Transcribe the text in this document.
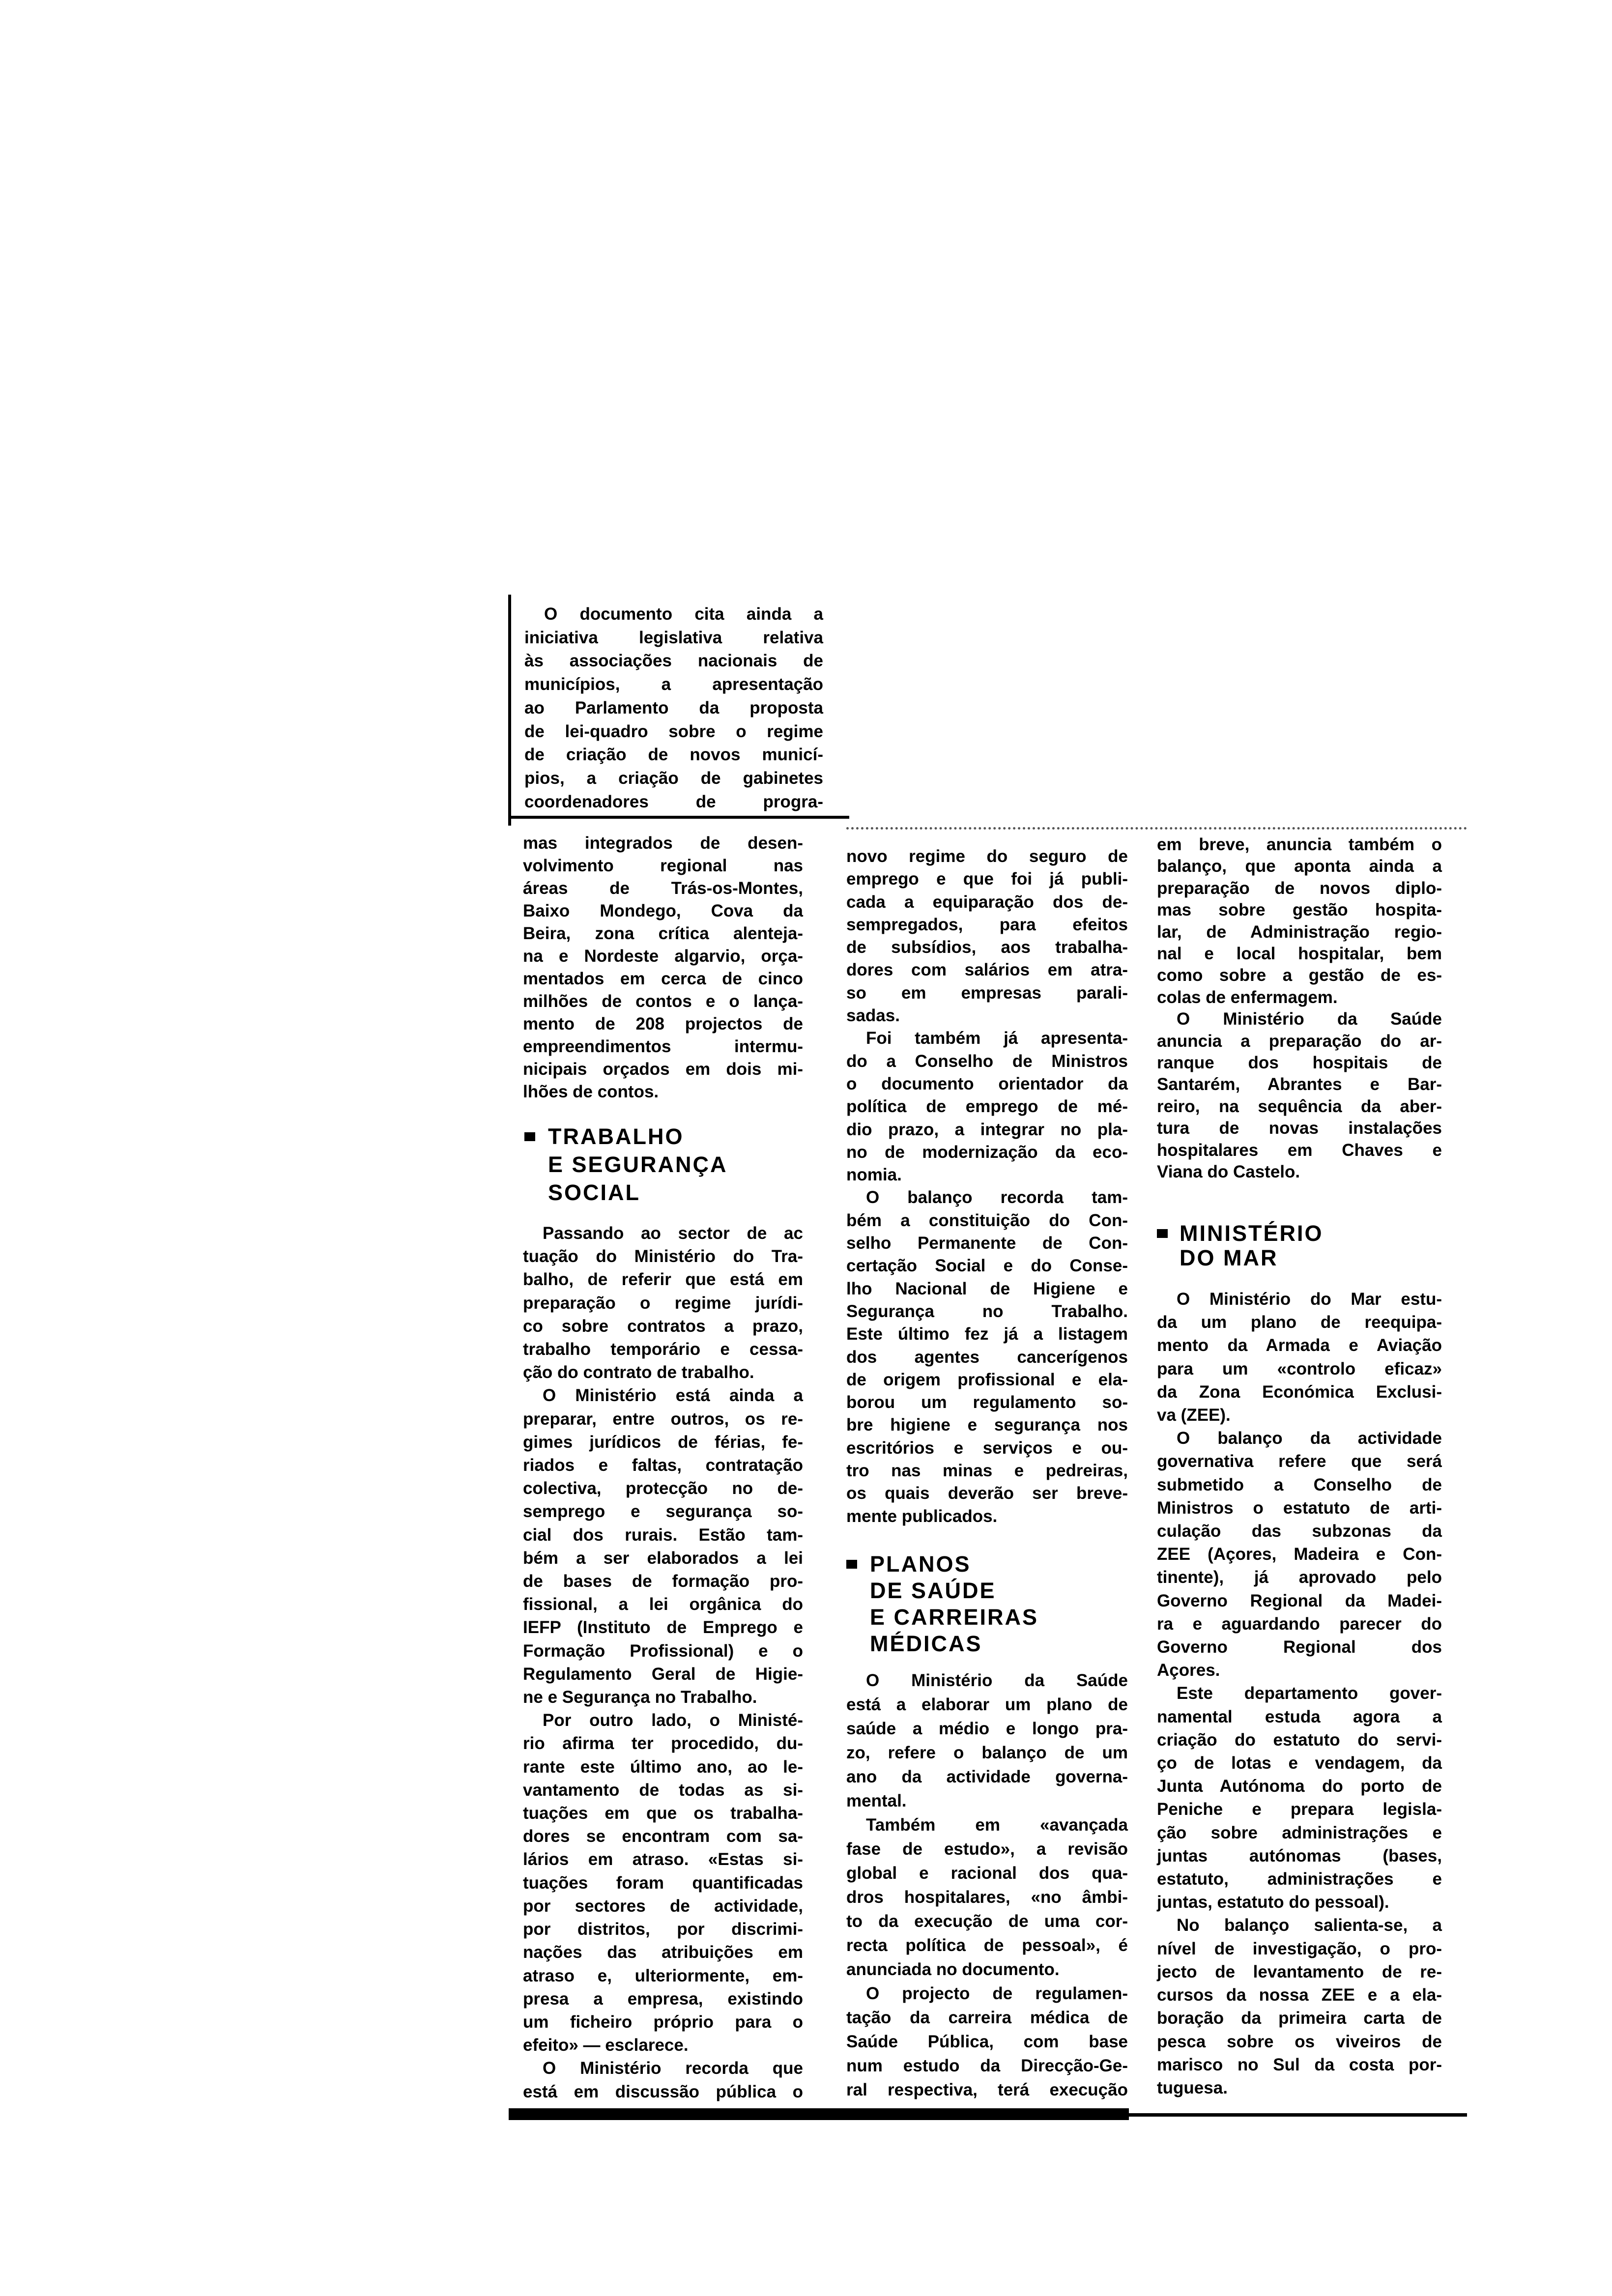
O documento cita ainda a
iniciativa legislativa relativa
às associações nacionais de
municípios, a apresentação
ao Parlamento da proposta
de lei-quadro sobre o regime
de criação de novos municí-
pios, a criação de gabinetes
coordenadores de progra-
mas integrados de desen-
volvimento regional nas
áreas de Trás-os-Montes,
Baixo Mondego, Cova da
Beira, zona crítica alenteja-
na e Nordeste algarvio, orça-
mentados em cerca de cinco
milhões de contos e o lança-
mento de 208 projectos de
empreendimentos intermu-
nicipais orçados em dois mi-
lhões de contos.
TRABALHO
E SEGURANÇA
SOCIAL
Passando ao sector de ac
tuação do Ministério do Tra-
balho, de referir que está em
preparação o regime jurídi-
co sobre contratos a prazo,
trabalho temporário e cessa-
ção do contrato de trabalho.
O Ministério está ainda a
preparar, entre outros, os re-
gimes jurídicos de férias, fe-
riados e faltas, contratação
colectiva, protecção no de-
semprego e segurança so-
cial dos rurais. Estão tam-
bém a ser elaborados a lei
de bases de formação pro-
fissional, a lei orgânica do
IEFP (Instituto de Emprego e
Formação Profissional) e o
Regulamento Geral de Higie-
ne e Segurança no Trabalho.
Por outro lado, o Ministé-
rio afirma ter procedido, du-
rante este último ano, ao le-
vantamento de todas as si-
tuações em que os trabalha-
dores se encontram com sa-
lários em atraso. «Estas si-
tuações foram quantificadas
por sectores de actividade,
por distritos, por discrimi-
nações das atribuições em
atraso e, ulteriormente, em-
presa a empresa, existindo
um ficheiro próprio para o
efeito» — esclarece.
O Ministério recorda que
está em discussão pública o
novo regime do seguro de
emprego e que foi já publi-
cada a equiparação dos de-
sempregados, para efeitos
de subsídios, aos trabalha-
dores com salários em atra-
so em empresas parali-
sadas.
Foi também já apresenta-
do a Conselho de Ministros
o documento orientador da
política de emprego de mé-
dio prazo, a integrar no pla-
no de modernização da eco-
nomia.
O balanço recorda tam-
bém a constituição do Con-
selho Permanente de Con-
certação Social e do Conse-
lho Nacional de Higiene e
Segurança no Trabalho.
Este último fez já a listagem
dos agentes cancerígenos
de origem profissional e ela-
borou um regulamento so-
bre higiene e segurança nos
escritórios e serviços e ou-
tro nas minas e pedreiras,
os quais deverão ser breve-
mente publicados.
PLANOS
DE SAÚDE
E CARREIRAS
MÉDICAS
O Ministério da Saúde
está a elaborar um plano de
saúde a médio e longo pra-
zo, refere o balanço de um
ano da actividade governa-
mental.
Também em «avançada
fase de estudo», a revisão
global e racional dos qua-
dros hospitalares, «no âmbi-
to da execução de uma cor-
recta política de pessoal», é
anunciada no documento.
O projecto de regulamen-
tação da carreira médica de
Saúde Pública, com base
num estudo da Direcção-Ge-
ral respectiva, terá execução
em breve, anuncia também o
balanço, que aponta ainda a
preparação de novos diplo-
mas sobre gestão hospita-
lar, de Administração regio-
nal e local hospitalar, bem
como sobre a gestão de es-
colas de enfermagem.
O Ministério da Saúde
anuncia a preparação do ar-
ranque dos hospitais de
Santarém, Abrantes e Bar-
reiro, na sequência da aber-
tura de novas instalações
hospitalares em Chaves e
Viana do Castelo.
MINISTÉRIO
DO MAR
O Ministério do Mar estu-
da um plano de reequipa-
mento da Armada e Aviação
para um «controlo eficaz»
da Zona Económica Exclusi-
va (ZEE).
O balanço da actividade
governativa refere que será
submetido a Conselho de
Ministros o estatuto de arti-
culação das subzonas da
ZEE (Açores, Madeira e Con-
tinente), já aprovado pelo
Governo Regional da Madei-
ra e aguardando parecer do
Governo Regional dos
Açores.
Este departamento gover-
namental estuda agora a
criação do estatuto do servi-
ço de lotas e vendagem, da
Junta Autónoma do porto de
Peniche e prepara legisla-
ção sobre administrações e
juntas autónomas (bases,
estatuto, administrações e
juntas, estatuto do pessoal).
No balanço salienta-se, a
nível de investigação, o pro-
jecto de levantamento de re-
cursos da nossa ZEE e a ela-
boração da primeira carta de
pesca sobre os viveiros de
marisco no Sul da costa por-
tuguesa.
